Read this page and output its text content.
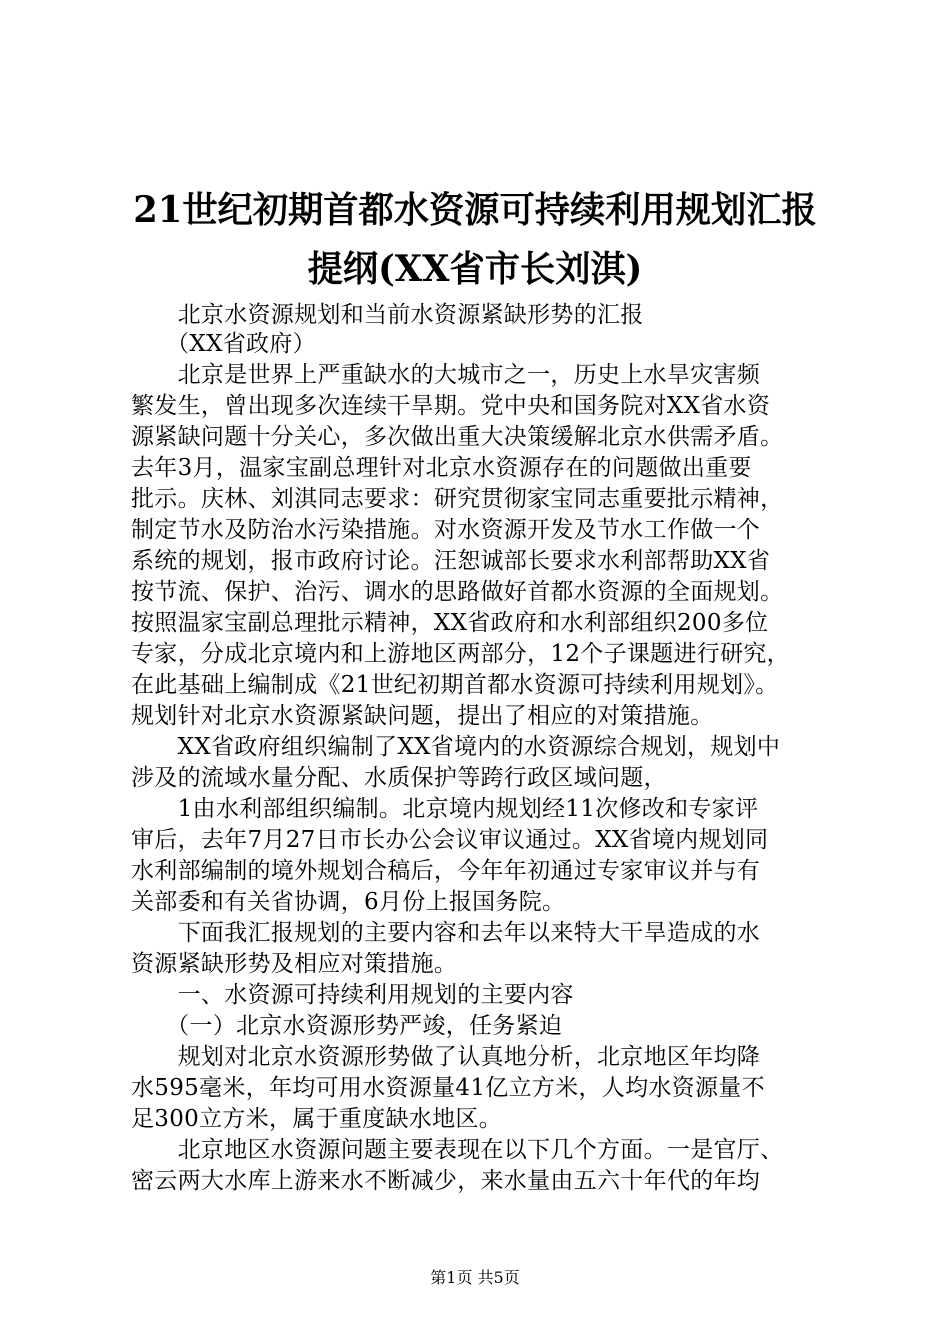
21世纪初期首都水资源可持续利用规划汇报
提纲(XX省市长刘淇)
　　北京水资源规划和当前水资源紧缺形势的汇报
　　（XX省政府）
　　北京是世界上严重缺水的大城市之一，历史上水旱灾害频
繁发生，曾出现多次连续干旱期。党中央和国务院对XX省水资
源紧缺问题十分关心，多次做出重大决策缓解北京水供需矛盾。
去年3月，温家宝副总理针对北京水资源存在的问题做出重要
批示。庆林、刘淇同志要求：研究贯彻家宝同志重要批示精神，
制定节水及防治水污染措施。对水资源开发及节水工作做一个
系统的规划，报市政府讨论。汪恕诚部长要求水利部帮助XX省
按节流、保护、治污、调水的思路做好首都水资源的全面规划。
按照温家宝副总理批示精神，XX省政府和水利部组织200多位
专家，分成北京境内和上游地区两部分，12个子课题进行研究，
在此基础上编制成《21世纪初期首都水资源可持续利用规划》。
规划针对北京水资源紧缺问题，提出了相应的对策措施。
　　XX省政府组织编制了XX省境内的水资源综合规划，规划中
涉及的流域水量分配、水质保护等跨行政区域问题，
　　1由水利部组织编制。北京境内规划经11次修改和专家评
审后，去年7月27日市长办公会议审议通过。XX省境内规划同
水利部编制的境外规划合稿后，今年年初通过专家审议并与有
关部委和有关省协调，6月份上报国务院。
　　下面我汇报规划的主要内容和去年以来特大干旱造成的水
资源紧缺形势及相应对策措施。
　　一、水资源可持续利用规划的主要内容
　　（一）北京水资源形势严竣，任务紧迫
　　规划对北京水资源形势做了认真地分析，北京地区年均降
水595毫米，年均可用水资源量41亿立方米，人均水资源量不
足300立方米，属于重度缺水地区。
　　北京地区水资源问题主要表现在以下几个方面。一是官厅、
密云两大水库上游来水不断减少，来水量由五六十年代的年均
第1页 共5页
